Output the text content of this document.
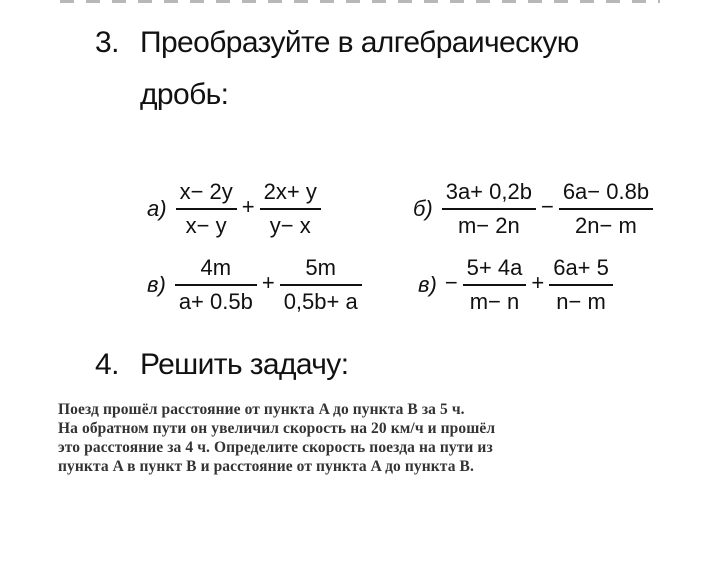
3. Преобразуйте в алгебраическую
дробь:
$а) \frac{x- 2y}{x- y} + \frac{2x+ y}{y- x}$	$б) \frac{3a+ 0,2b}{m- 2n} - \frac{6a- 0.8b}{2n- m}$
$в) \frac{4m}{a+ 0.5b} + \frac{5m}{0,5b+ a}$	$в) - \frac{5+ 4a}{m- n} + \frac{6a+ 5}{n- m}$
4. Решить задачу:
Поезд прошёл расстояние от пункта A до пункта B за 5 ч.
На обратном пути он увеличил скорость на 20 км/ч и прошёл
это расстояние за 4 ч. Определите скорость поезда на пути из
пункта A в пункт B и расстояние от пункта A до пункта B.
